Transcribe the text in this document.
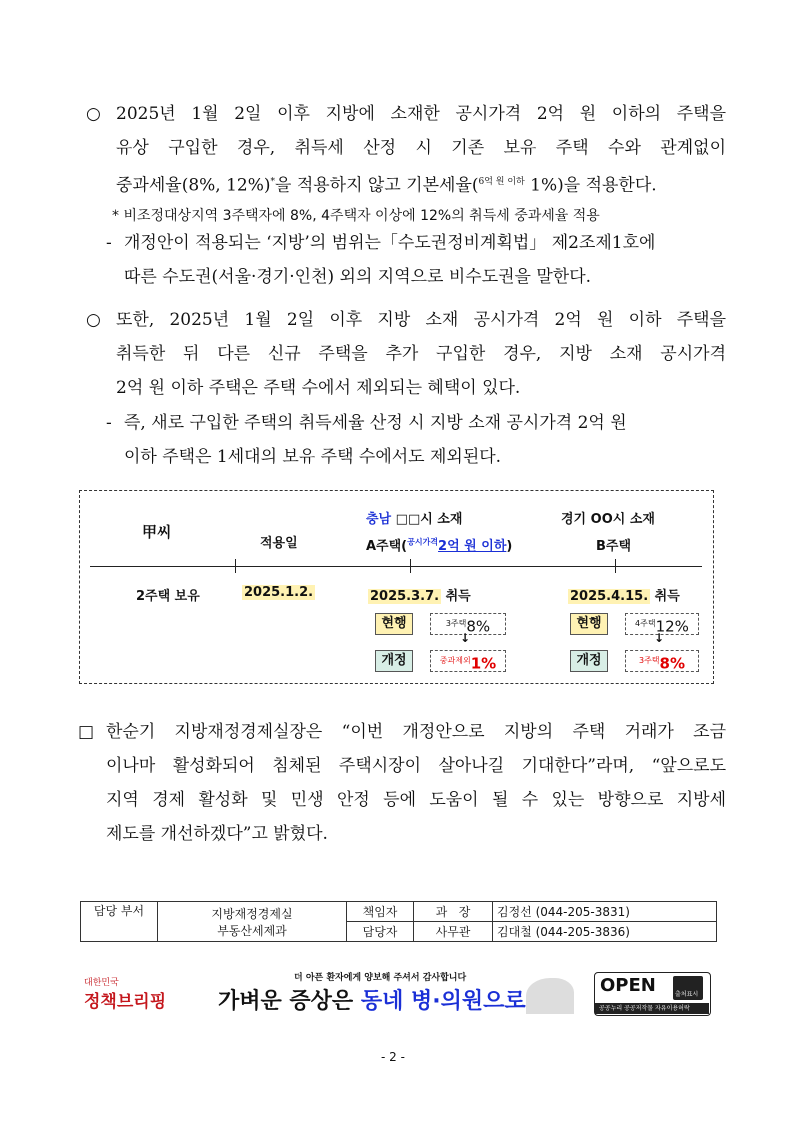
○ 2025년 1월 2일 이후 지방에 소재한 공시가격 2억 원 이하의 주택을
유상 구입한 경우, 취득세 산정 시 기존 보유 주택 수와 관계없이
중과세율(8%, 12%)*을 적용하지 않고 기본세율($^{6억 원 이하}$ 1%)을 적용한다.
* 비조정대상지역 3주택자에 8%, 4주택자 이상에 12%의 취득세 중과세율 적용
- 개정안이 적용되는 ‘지방’의 범위는「수도권정비계획법」 제2조제1호에
따른 수도권(서울·경기·인천) 외의 지역으로 비수도권을 말한다.
○ 또한, 2025년 1월 2일 이후 지방 소재 공시가격 2억 원 이하 주택을
취득한 뒤 다른 신규 주택을 추가 구입한 경우, 지방 소재 공시가격
2억 원 이하 주택은 주택 수에서 제외되는 혜택이 있다.
- 즉, 새로 구입한 주택의 취득세율 산정 시 지방 소재 공시가격 2억 원
이하 주택은 1세대의 보유 주택 수에서도 제외된다.
甲씨
2주택 보유
적용일
2025.1.2.
충남 □□시 소재
A주택($^{공시가격}$2억 원 이하)
2025.3.7. 취득
현행	$^{3주택}$8%
↓
개정	$^{중과제외}$1%
경기 OO시 소재
B주택
2025.4.15. 취득
현행	$^{4주택}$12%
↓
개정	$^{3주택}$8%
□ 한순기 지방재정경제실장은 “이번 개정안으로 지방의 주택 거래가 조금
이나마 활성화되어 침체된 주택시장이 살아나길 기대한다”라며, “앞으로도
지역 경제 활성화 및 민생 안정 등에 도움이 될 수 있는 방향으로 지방세
제도를 개선하겠다”고 밝혔다.
담당 부서	지방재정경제실
부동산세제과	책임자	과   장	김정선 (044-205-3831)
		담당자	사무관	김대철 (044-205-3836)
대한민국
정책브리핑
더 아픈 환자에게 양보해 주셔서 감사합니다
가벼운 증상은 동네 병·의원으로
OPEN	출처표시
공공누리 공공저작물 자유이용허락
- 2 -
